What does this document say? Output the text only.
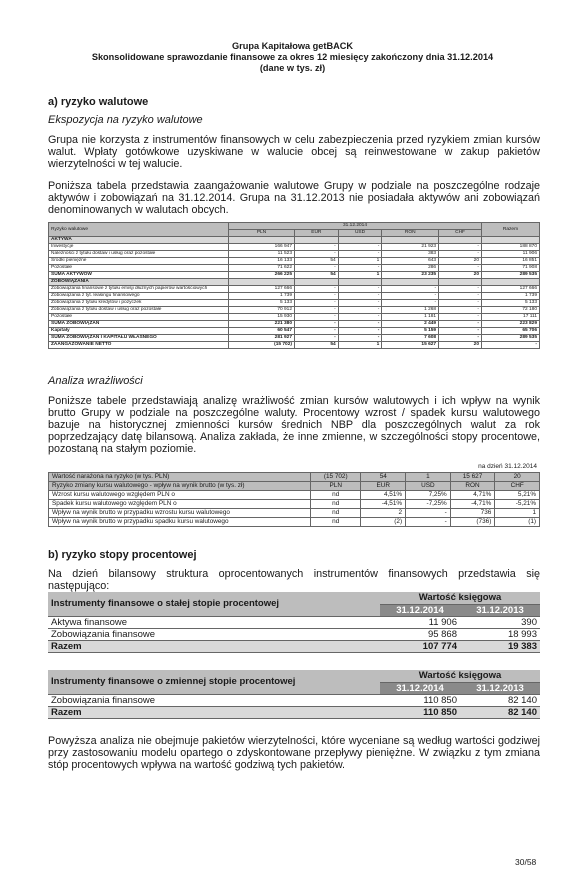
Grupa Kapitałowa getBACK
Skonsolidowane sprawozdanie finansowe za okres 12 miesięcy zakończony dnia 31.12.2014
(dane w tys. zł)
a) ryzyko walutowe
Ekspozycja na ryzyko walutowe
Grupa nie korzysta z instrumentów finansowych w celu zabezpieczenia przed ryzykiem zmian kursów walut. Wpłaty gotówkowe uzyskiwane w walucie obcej są reinwestowane w zakup pakietów wierzytelności w tej walucie.
Poniższa tabela przedstawia zaangażowanie walutowe Grupy w podziale na poszczególne rodzaje aktywów i zobowiązań na 31.12.2014. Grupa na 31.12.2013 nie posiadała aktywów ani zobowiązań denominowanych w walutach obcych.
Ryzyko walutowe	31.12.2014					Razem
	PLN	EUR	USD	RON	CHF	
AKTYWA						
Inwestycje	166 947	-	-	21 923	-	188 870
Należności z tytułu dostaw i usług oraz pozostałe	11 523	-	-	383	-	11 906
Środki pieniężne	16 133	54	1	643	20	16 851
Pozostałe	71 622	-	-	286	-	71 908
SUMA AKTYWÓW	266 225	54	1	23 235	20	289 535
ZOBOWIĄZANIA						
Zobowiązania finansowe z tytułu emisji dłużnych papierów wartościowych	127 666	-	-	-	-	127 666
Zobowiązania z tyt. leasingu finansowego	1 739	-	-	-	-	1 739
Zobowiązania z tytułu kredytów i pożyczek	5 133	-	-	-	-	5 133
Zobowiązania z tytułu dostaw i usług oraz pozostałe	70 912	-	-	1 268	-	72 180
Pozostałe	15 930	-	-	1 181	-	17 111
SUMA ZOBOWIĄZAŃ	221 380	-	-	2 449	-	223 829
Kapitały	60 547	-	-	5 159	-	65 706
SUMA ZOBOWIĄZAŃ I KAPITAŁU WŁASNEGO	281 927	-	-	7 608	-	289 535
ZAANGAŻOWANIE NETTO	(15 702)	54	1	15 627	20	-
Analiza wrażliwości
Poniższe tabele przedstawiają analizę wrażliwość zmian kursów walutowych i ich wpływ na wynik brutto Grupy w podziale na poszczególne waluty. Procentowy wzrost / spadek kursu walutowego bazuje na historycznej zmienności kursów średnich NBP dla poszczególnych walut za rok poprzedzający datę bilansową. Analiza zakłada, że inne zmienne, w szczególności stopy procentowe, pozostaną na stałym poziomie.
na dzień 31.12.2014
Wartość narażona na ryzyko (w tys. PLN)	(15 702)	54	1	15 627	20
Ryzyko zmiany kursu walutowego - wpływ na wynik brutto (w tys. zł)	PLN	EUR	USD	RON	CHF
Wzrost kursu walutowego względem PLN o	nd	4,51%	7,25%	4,71%	5,21%
Spadek kursu walutowego względem PLN o	nd	-4,51%	-7,25%	-4,71%	-5,21%
Wpływ na wynik brutto w przypadku wzrostu kursu walutowego	nd	2	-	736	1
Wpływ na wynik brutto w przypadku spadku kursu walutowego	nd	(2)	-	(736)	(1)
b) ryzyko stopy procentowej
Na dzień bilansowy struktura oprocentowanych instrumentów finansowych przedstawia się następująco:
Instrumenty finansowe o stałej stopie procentowej	Wartość księgowa	
	31.12.2014	31.12.2013
Aktywa finansowe	11 906	390
Zobowiązania finansowe	95 868	18 993
Razem	107 774	19 383
Instrumenty finansowe o zmiennej stopie procentowej	Wartość księgowa	
	31.12.2014	31.12.2013
Zobowiązania finansowe	110 850	82 140
Razem	110 850	82 140
Powyższa analiza nie obejmuje pakietów wierzytelności, które wyceniane są według wartości godziwej przy zastosowaniu modelu opartego o zdyskontowane przepływy pieniężne. W związku z tym zmiana stóp procentowych wpływa na wartość godziwą tych pakietów.
30/58
